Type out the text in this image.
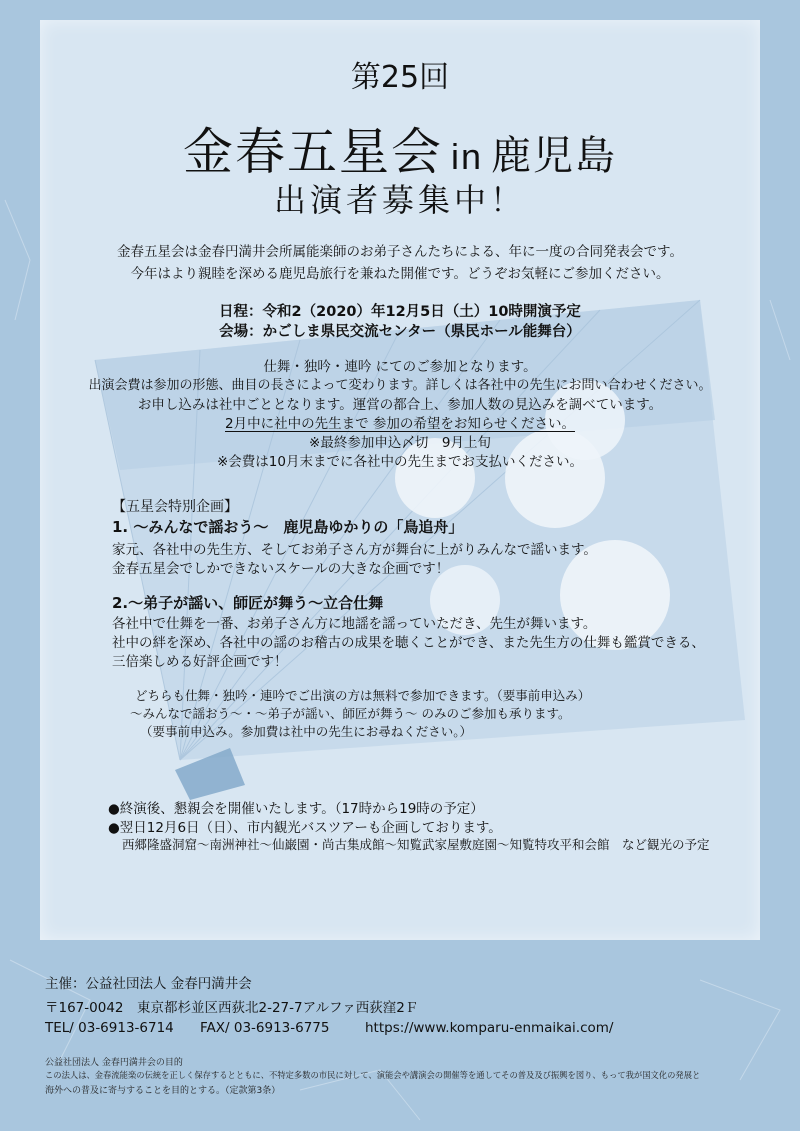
第25回
金春五星会 in 鹿児島
出演者募集中！
金春五星会は金春円満井会所属能楽師のお弟子さんたちによる、年に一度の合同発表会です。
今年はより親睦を深める鹿児島旅行を兼ねた開催です。どうぞお気軽にご参加ください。
日程：令和2（2020）年12月5日（土）10時開演予定
会場：かごしま県民交流センター（県民ホール能舞台）
仕舞・独吟・連吟 にてのご参加となります。
出演会費は参加の形態、曲目の長さによって変わります。詳しくは各社中の先生にお問い合わせください。
お申し込みは社中ごととなります。運営の都合上、参加人数の見込みを調べています。
2月中に社中の先生まで 参加の希望をお知らせください。
※最終参加申込〆切　9月上旬
※会費は10月末までに各社中の先生までお支払いください。
【五星会特別企画】
1. ～みんなで謡おう～　鹿児島ゆかりの「鳥追舟」
家元、各社中の先生方、そしてお弟子さん方が舞台に上がりみんなで謡います。
金春五星会でしかできないスケールの大きな企画です！
2.～弟子が謡い、師匠が舞う～立合仕舞
各社中で仕舞を一番、お弟子さん方に地謡を謡っていただき、先生が舞います。
社中の絆を深め、各社中の謡のお稽古の成果を聴くことができ、また先生方の仕舞も鑑賞できる、
三倍楽しめる好評企画です！
どちらも仕舞・独吟・連吟でご出演の方は無料で参加できます。（要事前申込み）
～みんなで謡おう～・～弟子が謡い、師匠が舞う～ のみのご参加も承ります。
（要事前申込み。参加費は社中の先生にお尋ねください。）
●終演後、懇親会を開催いたします。（17時から19時の予定）
●翌日12月6日（日）、市内観光バスツアーも企画しております。
西郷隆盛洞窟～南洲神社～仙巌園・尚古集成館～知覧武家屋敷庭園～知覧特攻平和会館　など観光の予定
主催：公益社団法人 金春円満井会
〒167-0042　東京都杉並区西荻北2-27-7アルファ西荻窪2Ｆ
TEL/ 03-6913-6714 FAX/ 03-6913-6775	https://www.komparu-enmaikai.com/
公益社団法人 金春円満井会の目的
この法人は、金春流能楽の伝統を正しく保存するとともに、不特定多数の市民に対して、演能会や講演会の開催等を通してその普及及び振興を図り、もって我が国文化の発展と
海外への普及に寄与することを目的とする。（定款第3条）
